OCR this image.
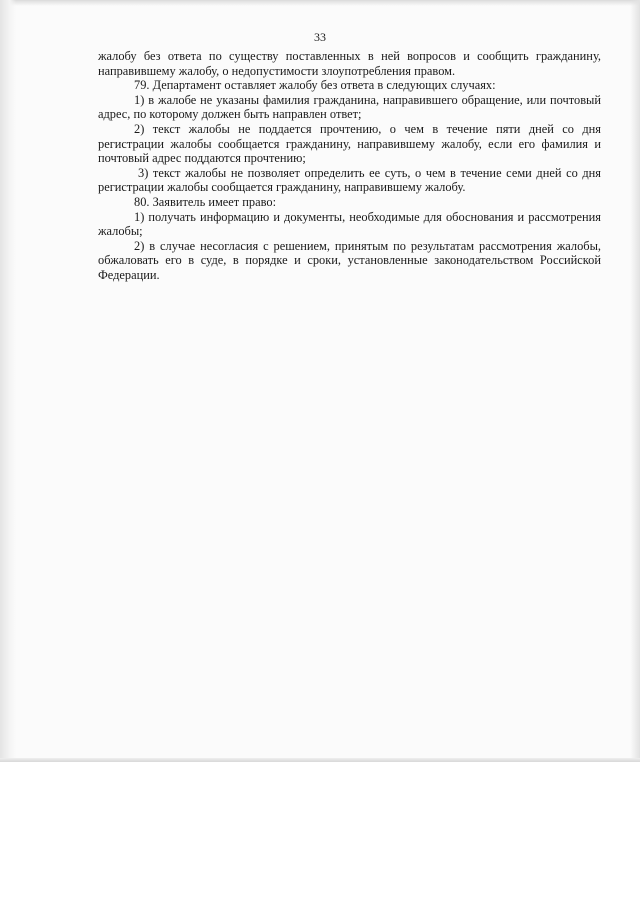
33

жалобу без ответа по существу поставленных в ней вопросов и сообщить гражданину, направившему жалобу, о недопустимости злоупотребления правом.

79. Департамент оставляет жалобу без ответа в следующих случаях:

1) в жалобе не указаны фамилия гражданина, направившего обращение, или почтовый адрес, по которому должен быть направлен ответ;

2) текст жалобы не поддается прочтению, о чем в течение пяти дней со дня регистрации жалобы сообщается гражданину, направившему жалобу, если его фамилия и почтовый адрес поддаются прочтению;

3) текст жалобы не позволяет определить ее суть, о чем в течение семи дней со дня регистрации жалобы сообщается гражданину, направившему жалобу.

80. Заявитель имеет право:

1) получать информацию и документы, необходимые для обоснования и рассмотрения жалобы;

2) в случае несогласия с решением, принятым по результатам рассмотрения жалобы, обжаловать его в суде, в порядке и сроки, установленные законодательством Российской Федерации.
